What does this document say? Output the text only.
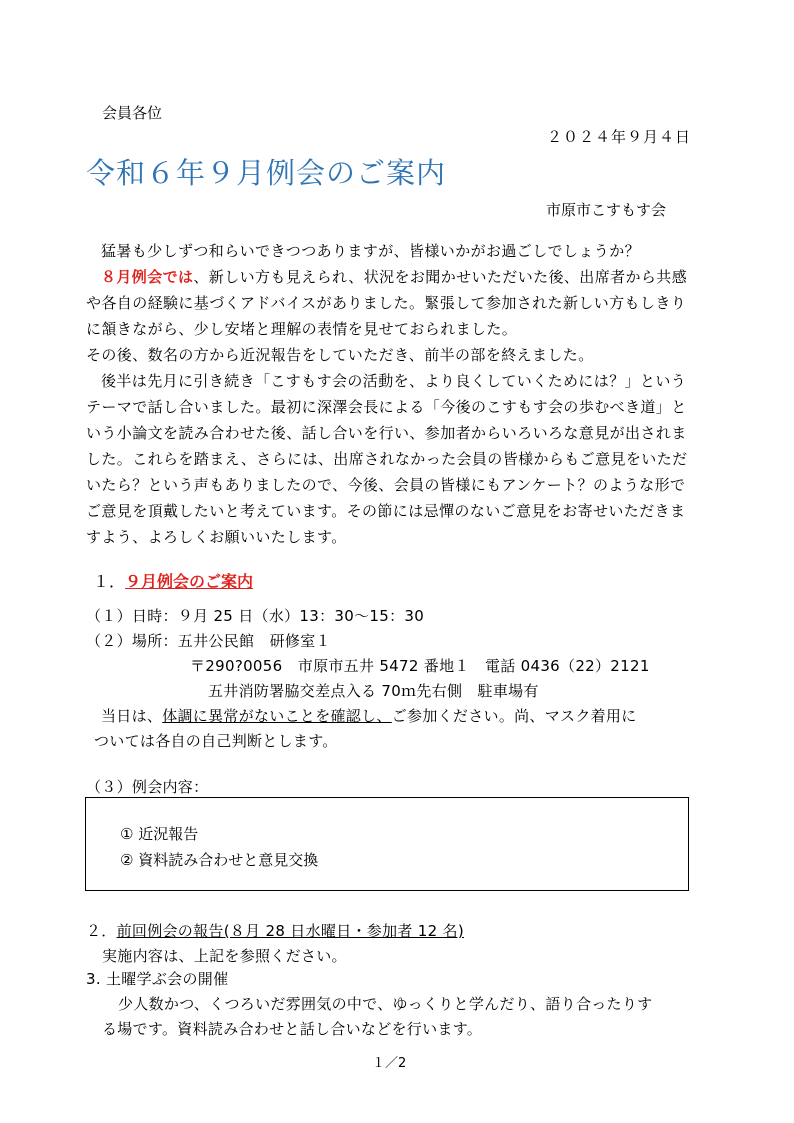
会員各位
２０２４年９月４日
令和６年９月例会のご案内
市原市こすもす会

猛暑も少しずつ和らいできつつありますが、皆様いかがお過ごしでしょうか？

８月例会では、新しい方も見えられ、状況をお聞かせいただいた後、出席者から共感や各自の経験に基づくアドバイスがありました。緊張して参加された新しい方もしきりに頷きながら、少し安堵と理解の表情を見せておられました。

その後、数名の方から近況報告をしていただき、前半の部を終えました。

後半は先月に引き続き「こすもす会の活動を、より良くしていくためには？」というテーマで話し合いました。最初に深澤会長による「今後のこすもす会の歩むべき道」という小論文を読み合わせた後、話し合いを行い、参加者からいろいろな意見が出されました。これらを踏まえ、さらには、出席されなかった会員の皆様からもご意見をいただいたら？という声もありましたので、今後、会員の皆様にもアンケート？のような形でご意見を頂戴したいと考えています。その節には忌憚のないご意見をお寄せいただきますよう、よろしくお願いいたします。

１．９月例会のご案内
（１）日時：９月 25 日（水）13：30〜15：30
（２）場所：五井公民館　研修室１
〒290?0056　市原市五井 5472 番地１　電話 0436（22）2121
五井消防署脇交差点入る 70ｍ先右側　駐車場有
当日は、体調に異常がないことを確認し、ご参加ください。尚、マスク着用に
ついては各自の自己判断とします。
（３）例会内容：
① 近況報告
② 資料読み合わせと意見交換
２．前回例会の報告(８月 28 日水曜日・参加者 12 名)
実施内容は、上記を参照ください。
3. 土曜学ぶ会の開催
少人数かつ、くつろいだ雰囲気の中で、ゆっくりと学んだり、語り合ったりす
る場です。資料読み合わせと話し合いなどを行います。
１／2
